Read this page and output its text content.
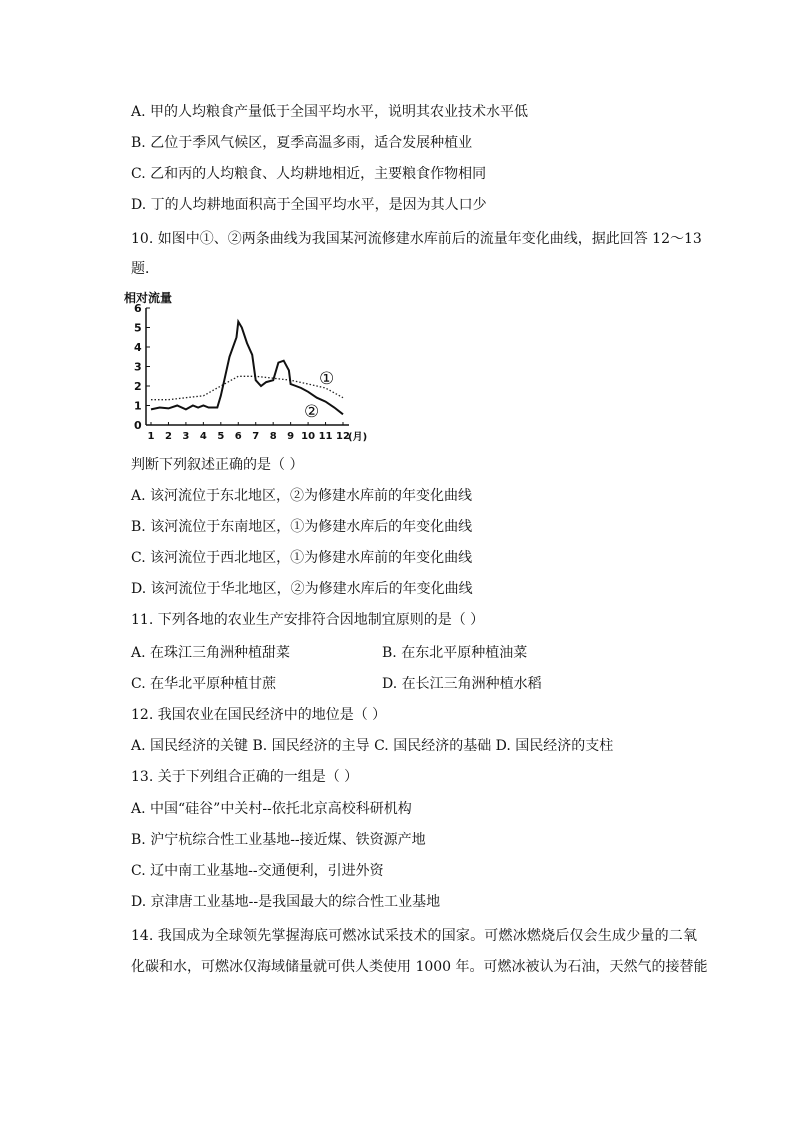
A. 甲的人均粮食产量低于全国平均水平，说明其农业技术水平低
B. 乙位于季风气候区，夏季高温多雨，适合发展种植业
C. 乙和丙的人均粮食、人均耕地相近，主要粮食作物相同
D. 丁的人均耕地面积高于全国平均水平，是因为其人口少
10. 如图中①、②两条曲线为我国某河流修建水库前后的流量年变化曲线，据此回答 12～13
题．
相对流量
0
1
2
3
4
5
6
1 2 3 4 5 6 7 8 9 10 11 12
(月)
①
②
判断下列叙述正确的是（ ）
A. 该河流位于东北地区，②为修建水库前的年变化曲线
B. 该河流位于东南地区，①为修建水库后的年变化曲线
C. 该河流位于西北地区，①为修建水库前的年变化曲线
D. 该河流位于华北地区，②为修建水库后的年变化曲线
11. 下列各地的农业生产安排符合因地制宜原则的是（ ）
A. 在珠江三角洲种植甜菜	B. 在东北平原种植油菜
C. 在华北平原种植甘蔗	D. 在长江三角洲种植水稻
12. 我国农业在国民经济中的地位是（ ）
A. 国民经济的关键 B. 国民经济的主导 C. 国民经济的基础 D. 国民经济的支柱
13. 关于下列组合正确的一组是（ ）
A. 中国“硅谷”中关村--依托北京高校科研机构
B. 沪宁杭综合性工业基地--接近煤、铁资源产地
C. 辽中南工业基地--交通便利，引进外资
D. 京津唐工业基地--是我国最大的综合性工业基地
14. 我国成为全球领先掌握海底可燃冰试采技术的国家。可燃冰燃烧后仅会生成少量的二氧
化碳和水，可燃冰仅海域储量就可供人类使用 1000 年。可燃冰被认为石油，天然气的接替能
